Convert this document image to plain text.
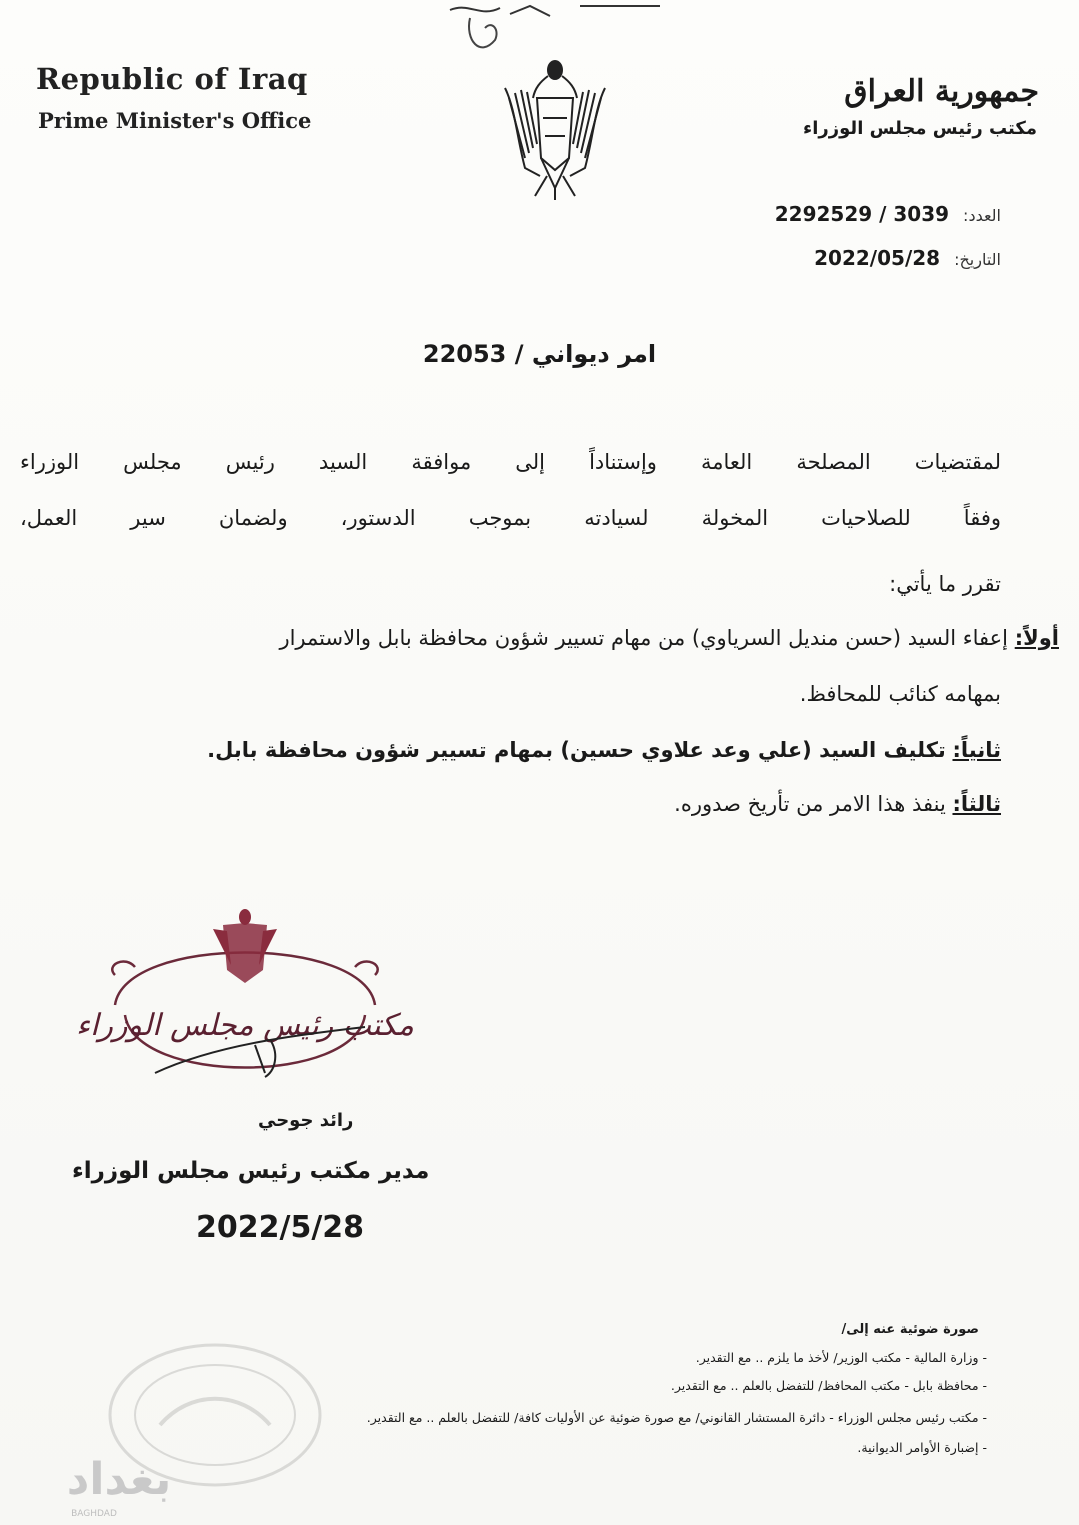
Republic of Iraq
Prime Minister's Office
جمهورية العراق
مكتب رئيس مجلس الوزراء
العدد:
2292529 / 3039
التاريخ:
2022/05/28
امر ديواني / 22053
لمقتضيات المصلحة العامة وإستناداً إلى موافقة السيد رئيس مجلس الوزراء
وفقاً للصلاحيات المخولة لسيادته بموجب الدستور، ولضمان سير العمل،
تقرر ما يأتي:
أولاً: إعفاء السيد (حسن منديل السرياوي) من مهام تسيير شؤون محافظة بابل والاستمرار
بمهامه كنائب للمحافظ.
ثانياً: تكليف السيد (علي وعد علاوي حسين) بمهام تسيير شؤون محافظة بابل.
ثالثاً: ينفذ هذا الامر من تأريخ صدوره.
مكتب رئيس مجلس الوزراء
رائد جوحي
مدير مكتب رئيس مجلس الوزراء
2022/5/28
صورة ضوئية عنه إلى/
- وزارة المالية - مكتب الوزير/ لأخذ ما يلزم .. مع التقدير.
- محافظة بابل - مكتب المحافظ/ للتفضل بالعلم .. مع التقدير.
- مكتب رئيس مجلس الوزراء - دائرة المستشار القانوني/ مع صورة ضوئية عن الأوليات كافة/ للتفضل بالعلم .. مع التقدير.
- إضبارة الأوامر الديوانية.
بغداد
BAGHDAD
